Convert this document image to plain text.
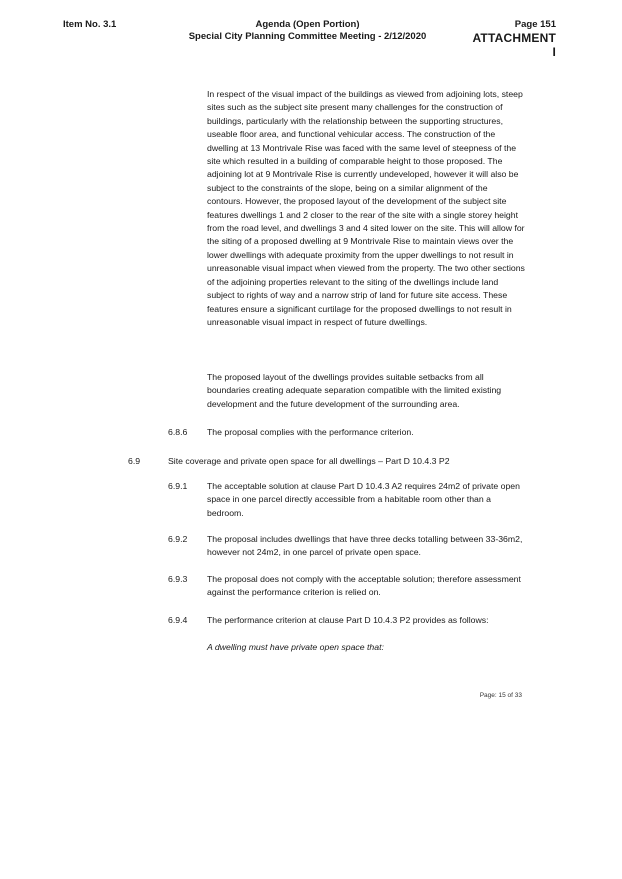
Item No. 3.1	Agenda (Open Portion)
Special City Planning Committee Meeting - 2/12/2020
Page 151
ATTACHMENT I
In respect of the visual impact of the buildings as viewed from adjoining lots, steep sites such as the subject site present many challenges for the construction of buildings, particularly with the relationship between the supporting structures, useable floor area, and functional vehicular access. The construction of the dwelling at 13 Montrivale Rise was faced with the same level of steepness of the site which resulted in a building of comparable height to those proposed. The adjoining lot at 9 Montrivale Rise is currently undeveloped, however it will also be subject to the constraints of the slope, being on a similar alignment of the contours. However, the proposed layout of the development of the subject site features dwellings 1 and 2 closer to the rear of the site with a single storey height from the road level, and dwellings 3 and 4 sited lower on the site. This will allow for the siting of a proposed dwelling at 9 Montrivale Rise to maintain views over the lower dwellings with adequate proximity from the upper dwellings to not result in unreasonable visual impact when viewed from the property. The two other sections of the adjoining properties relevant to the siting of the dwellings include land subject to rights of way and a narrow strip of land for future site access. These features ensure a significant curtilage for the proposed dwellings to not result in unreasonable visual impact in respect of future dwellings.
The proposed layout of the dwellings provides suitable setbacks from all boundaries creating adequate separation compatible with the limited existing development and the future development of the surrounding area.
6.8.6 The proposal complies with the performance criterion.
6.9	Site coverage and private open space for all dwellings – Part D 10.4.3 P2
6.9.1 The acceptable solution at clause Part D 10.4.3 A2 requires 24m2 of private open space in one parcel directly accessible from a habitable room other than a bedroom.
6.9.2 The proposal includes dwellings that have three decks totalling between 33-36m2, however not 24m2, in one parcel of private open space.
6.9.3 The proposal does not comply with the acceptable solution; therefore assessment against the performance criterion is relied on.
6.9.4 The performance criterion at clause Part D 10.4.3 P2 provides as follows:
A dwelling must have private open space that:
Page: 15 of 33
